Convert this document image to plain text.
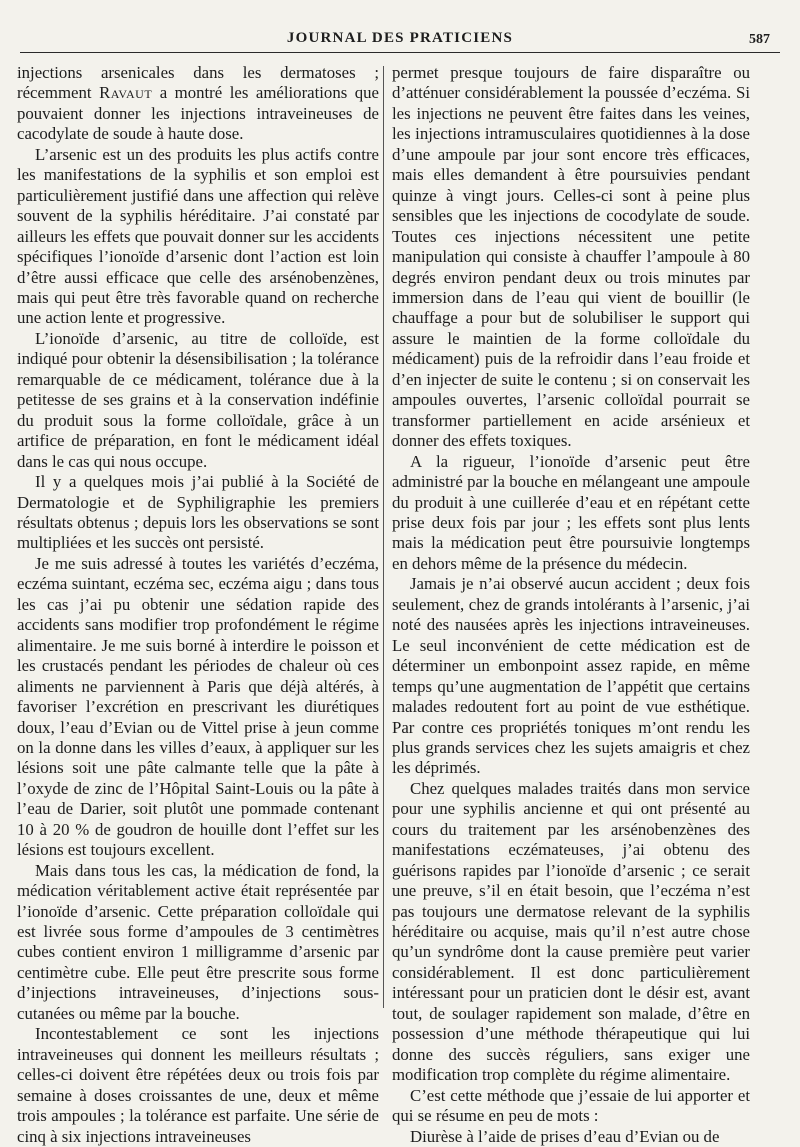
JOURNAL DES PRATICIENS	587

injections arsenicales dans les dermatoses ; récemment Ravaut a montré les améliorations que pouvaient donner les injections intraveineuses de cacodylate de soude à haute dose.

L’arsenic est un des produits les plus actifs contre les manifestations de la syphilis et son emploi est particulièrement justifié dans une affection qui relève souvent de la syphilis héréditaire. J’ai constaté par ailleurs les effets que pouvait donner sur les accidents spécifiques l’ionoïde d’arsenic dont l’action est loin d’être aussi efficace que celle des arsénobenzènes, mais qui peut être très favorable quand on recherche une action lente et progressive.

L’ionoïde d’arsenic, au titre de colloïde, est indiqué pour obtenir la désensibilisation ; la tolérance remarquable de ce médicament, tolérance due à la petitesse de ses grains et à la conservation indéfinie du produit sous la forme colloïdale, grâce à un artifice de préparation, en font le médicament idéal dans le cas qui nous occupe.

Il y a quelques mois j’ai publié à la Société de Dermatologie et de Syphiligraphie les premiers résultats obtenus ; depuis lors les observations se sont multipliées et les succès ont persisté.

Je me suis adressé à toutes les variétés d’eczéma, eczéma suintant, eczéma sec, eczéma aigu ; dans tous les cas j’ai pu obtenir une sédation rapide des accidents sans modifier trop profondément le régime alimentaire. Je me suis borné à interdire le poisson et les crustacés pendant les périodes de chaleur où ces aliments ne parviennent à Paris que déjà altérés, à favoriser l’excrétion en prescrivant les diurétiques doux, l’eau d’Evian ou de Vittel prise à jeun comme on la donne dans les villes d’eaux, à appliquer sur les lésions soit une pâte calmante telle que la pâte à l’oxyde de zinc de l’Hôpital Saint-Louis ou la pâte à l’eau de Darier, soit plutôt une pommade contenant 10 à 20 % de goudron de houille dont l’effet sur les lésions est toujours excellent.

Mais dans tous les cas, la médication de fond, la médication véritablement active était représentée par l’ionoïde d’arsenic. Cette préparation colloïdale qui est livrée sous forme d’ampoules de 3 centimètres cubes contient environ 1 milligramme d’arsenic par centimètre cube. Elle peut être prescrite sous forme d’injections intraveineuses, d’injections sous-cutanées ou même par la bouche.

Incontestablement ce sont les injections intraveineuses qui donnent les meilleurs résultats ; celles-ci doivent être répétées deux ou trois fois par semaine à doses croissantes de une, deux et même trois ampoules ; la tolérance est parfaite. Une série de cinq à six injections intraveineuses

permet presque toujours de faire disparaître ou d’atténuer considérablement la poussée d’eczéma. Si les injections ne peuvent être faites dans les veines, les injections intramusculaires quotidiennes à la dose d’une ampoule par jour sont encore très efficaces, mais elles demandent à être poursuivies pendant quinze à vingt jours. Celles-ci sont à peine plus sensibles que les injections de cocodylate de soude. Toutes ces injections nécessitent une petite manipulation qui consiste à chauffer l’ampoule à 80 degrés environ pendant deux ou trois minutes par immersion dans de l’eau qui vient de bouillir (le chauffage a pour but de solubiliser le support qui assure le maintien de la forme colloïdale du médicament) puis de la refroidir dans l’eau froide et d’en injecter de suite le contenu ; si on conservait les ampoules ouvertes, l’arsenic colloïdal pourrait se transformer partiellement en acide arsénieux et donner des effets toxiques.

A la rigueur, l’ionoïde d’arsenic peut être administré par la bouche en mélangeant une ampoule du produit à une cuillerée d’eau et en répétant cette prise deux fois par jour ; les effets sont plus lents mais la médication peut être poursuivie longtemps en dehors même de la présence du médecin.

Jamais je n’ai observé aucun accident ; deux fois seulement, chez de grands intolérants à l’arsenic, j’ai noté des nausées après les injections intraveineuses. Le seul inconvénient de cette médication est de déterminer un embonpoint assez rapide, en même temps qu’une augmentation de l’appétit que certains malades redoutent fort au point de vue esthétique. Par contre ces propriétés toniques m’ont rendu les plus grands services chez les sujets amaigris et chez les déprimés.

Chez quelques malades traités dans mon service pour une syphilis ancienne et qui ont présenté au cours du traitement par les arsénobenzènes des manifestations eczémateuses, j’ai obtenu des guérisons rapides par l’ionoïde d’arsenic ; ce serait une preuve, s’il en était besoin, que l’eczéma n’est pas toujours une dermatose relevant de la syphilis héréditaire ou acquise, mais qu’il n’est autre chose qu’un syndrôme dont la cause première peut varier considérablement. Il est donc particulièrement intéressant pour un praticien dont le désir est, avant tout, de soulager rapidement son malade, d’être en possession d’une méthode thérapeutique qui lui donne des succès réguliers, sans exiger une modification trop complète du régime alimentaire.

C’est cette méthode que j’essaie de lui apporter et qui se résume en peu de mots :

Diurèse à l’aide de prises d’eau d’Evian ou de
